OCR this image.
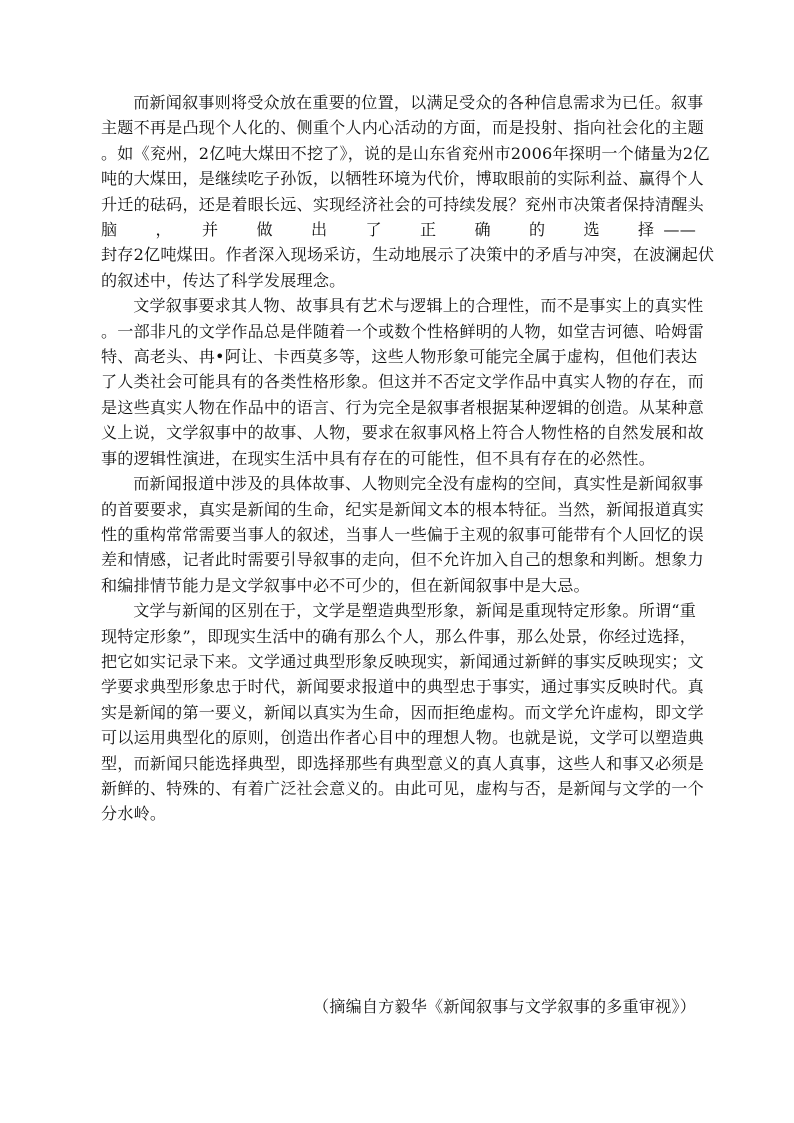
而新闻叙事则将受众放在重要的位置，以满足受众的各种信息需求为已任。叙事
主题不再是凸现个人化的、侧重个人内心活动的方面，而是投射、指向社会化的主题
。如《兖州，2亿吨大煤田不挖了》，说的是山东省兖州市2006年探明一个储量为2亿
吨的大煤田，是继续吃子孙饭，以牺牲环境为代价，博取眼前的实际利益、赢得个人
升迁的砝码，还是着眼长远、实现经济社会的可持续发展？兖州市决策者保持清醒头
脑　　，　　并　　做　　出　　了　　正　　确　　的　　选　　择 ——
封存2亿吨煤田。作者深入现场采访，生动地展示了决策中的矛盾与冲突，在波澜起伏
的叙述中，传达了科学发展理念。
文学叙事要求其人物、故事具有艺术与逻辑上的合理性，而不是事实上的真实性
。一部非凡的文学作品总是伴随着一个或数个性格鲜明的人物，如堂吉诃德、哈姆雷
特、高老头、冉•阿让、卡西莫多等，这些人物形象可能完全属于虚构，但他们表达
了人类社会可能具有的各类性格形象。但这并不否定文学作品中真实人物的存在，而
是这些真实人物在作品中的语言、行为完全是叙事者根据某种逻辑的创造。从某种意
义上说，文学叙事中的故事、人物，要求在叙事风格上符合人物性格的自然发展和故
事的逻辑性演进，在现实生活中具有存在的可能性，但不具有存在的必然性。
而新闻报道中涉及的具体故事、人物则完全没有虚构的空间，真实性是新闻叙事
的首要要求，真实是新闻的生命，纪实是新闻文本的根本特征。当然，新闻报道真实
性的重构常常需要当事人的叙述，当事人一些偏于主观的叙事可能带有个人回忆的误
差和情感，记者此时需要引导叙事的走向，但不允许加入自己的想象和判断。想象力
和编排情节能力是文学叙事中必不可少的，但在新闻叙事中是大忌。
文学与新闻的区别在于，文学是塑造典型形象，新闻是重现特定形象。所谓“重
现特定形象”，即现实生活中的确有那么个人，那么件事，那么处景，你经过选择，
把它如实记录下来。文学通过典型形象反映现实，新闻通过新鲜的事实反映现实；文
学要求典型形象忠于时代，新闻要求报道中的典型忠于事实，通过事实反映时代。真
实是新闻的第一要义，新闻以真实为生命，因而拒绝虚构。而文学允许虚构，即文学
可以运用典型化的原则，创造出作者心目中的理想人物。也就是说，文学可以塑造典
型，而新闻只能选择典型，即选择那些有典型意义的真人真事，这些人和事又必须是
新鲜的、特殊的、有着广泛社会意义的。由此可见，虚构与否，是新闻与文学的一个
分水岭。

（摘编自方毅华《新闻叙事与文学叙事的多重审视》）
